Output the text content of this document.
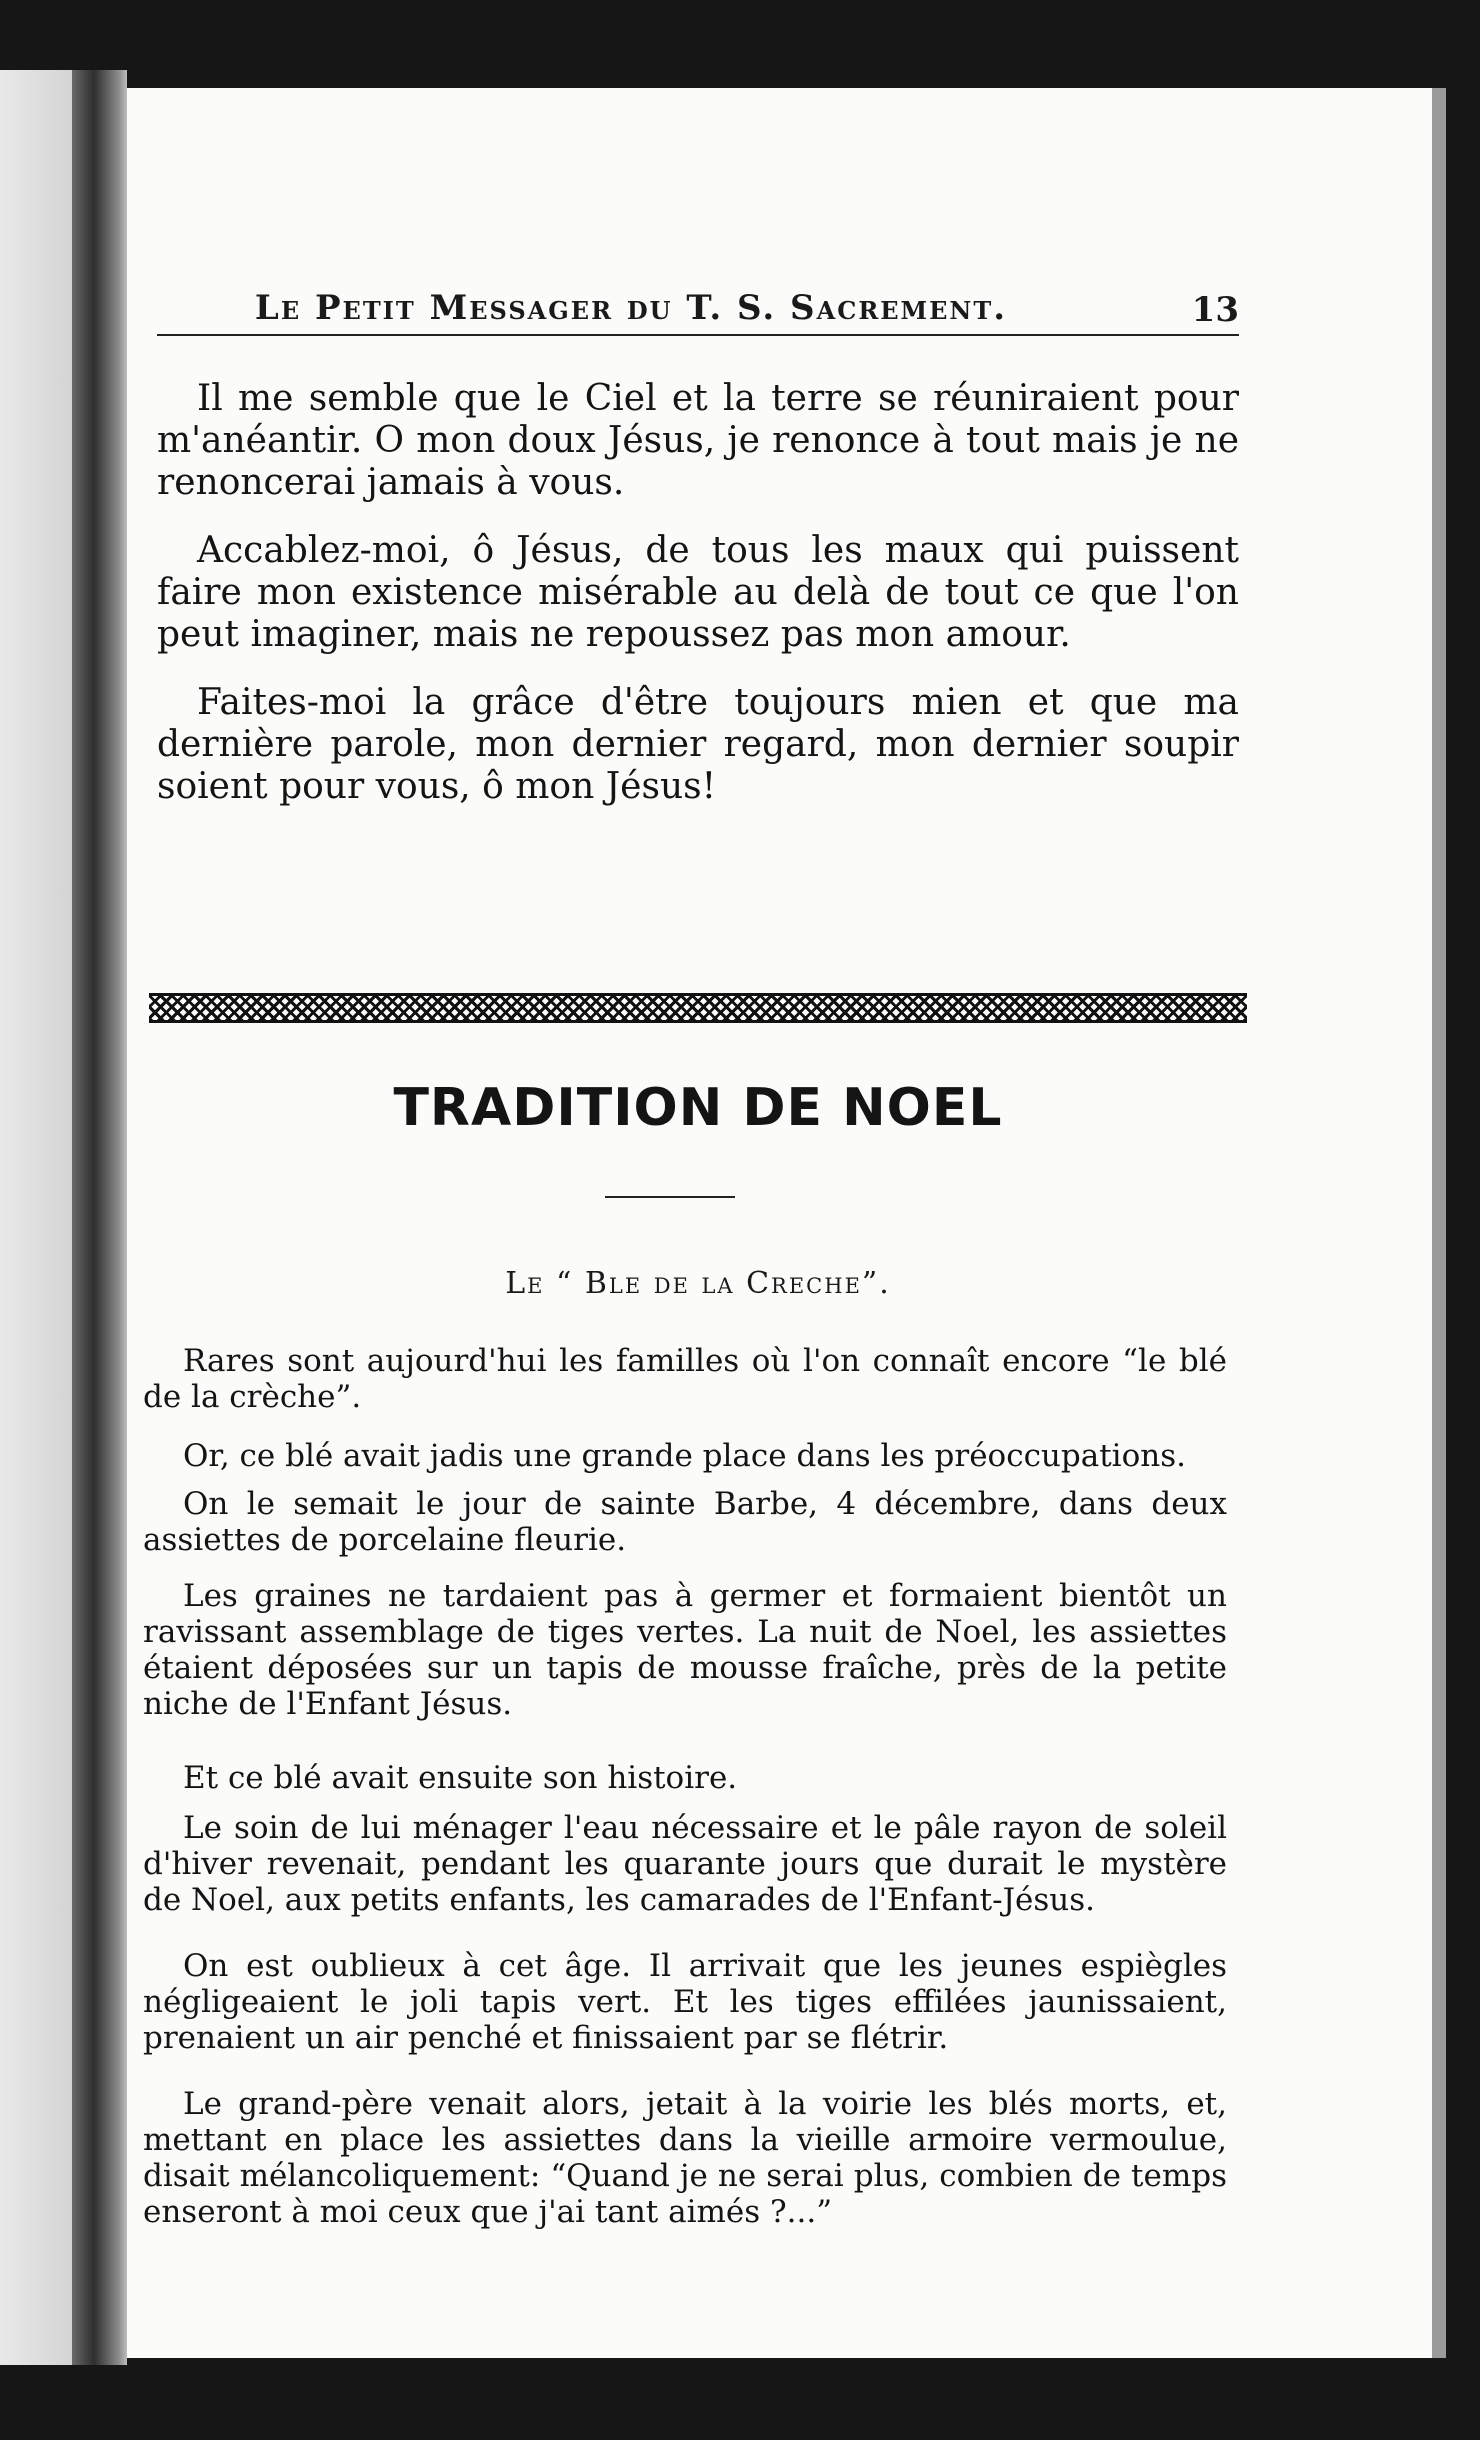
Le Petit Messager du T. S. Sacrement.	13

Il me semble que le Ciel et la terre se réuniraient pour m'anéantir. O mon doux Jésus, je renonce à tout mais je ne renoncerai jamais à vous.

Accablez-moi, ô Jésus, de tous les maux qui puissent faire mon existence misérable au delà de tout ce que l'on peut imaginer, mais ne repoussez pas mon amour.

Faites-moi la grâce d'être toujours mien et que ma dernière parole, mon dernier regard, mon dernier soupir soient pour vous, ô mon Jésus!

TRADITION DE NOEL

Le “ Ble de la Creche”.

Rares sont aujourd'hui les familles où l'on connaît encore “le blé de la crèche”.

Or, ce blé avait jadis une grande place dans les préoccupations.

On le semait le jour de sainte Barbe, 4 décembre, dans deux assiettes de porcelaine fleurie.

Les graines ne tardaient pas à germer et formaient bientôt un ravissant assemblage de tiges vertes. La nuit de Noel, les assiettes étaient déposées sur un tapis de mousse fraîche, près de la petite niche de l'Enfant Jésus.

Et ce blé avait ensuite son histoire.

Le soin de lui ménager l'eau nécessaire et le pâle rayon de soleil d'hiver revenait, pendant les quarante jours que durait le mystère de Noel, aux petits enfants, les camarades de l'Enfant-Jésus.

On est oublieux à cet âge. Il arrivait que les jeunes espiègles négligeaient le joli tapis vert. Et les tiges effilées jaunissaient, prenaient un air penché et finissaient par se flétrir.

Le grand-père venait alors, jetait à la voirie les blés morts, et, mettant en place les assiettes dans la vieille armoire vermoulue, disait mélancoliquement: “Quand je ne serai plus, combien de temps enseront à moi ceux que j'ai tant aimés ?...”
